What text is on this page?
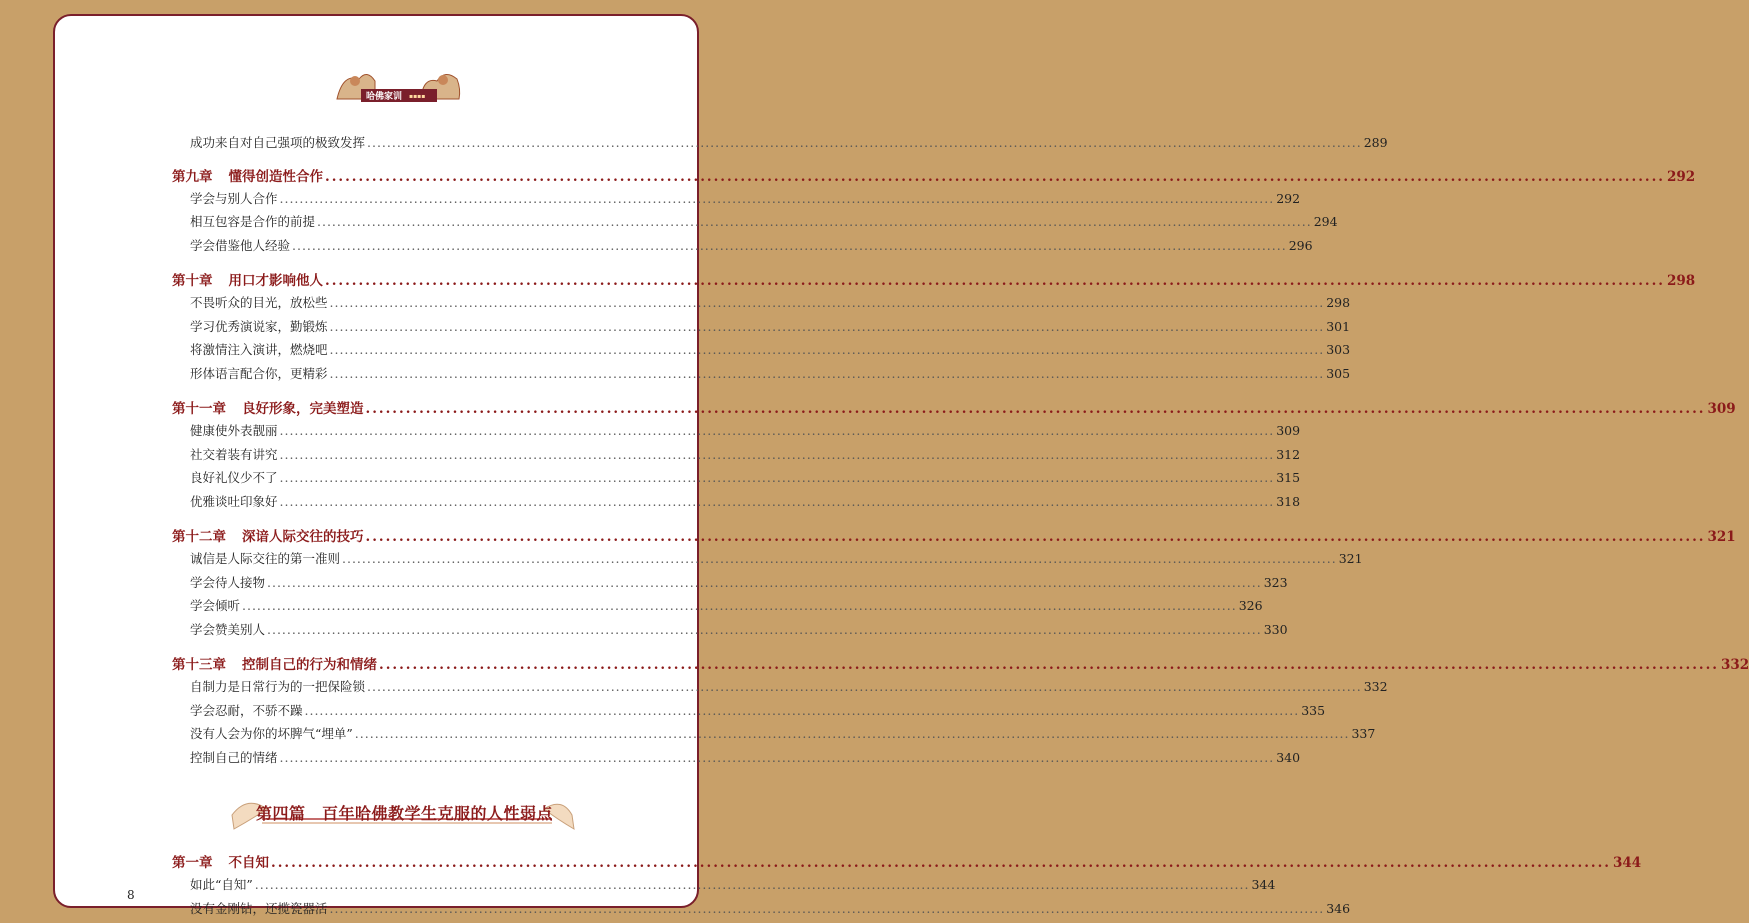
哈佛家训 ▪▪▪▪
成功来自对自己强项的极致发挥 ........................................................................................................................................................................................................ 289
第九章 懂得创造性合作 ........................................................................................................................................................................................................ 292
学会与别人合作 ........................................................................................................................................................................................................ 292
相互包容是合作的前提 ........................................................................................................................................................................................................ 294
学会借鉴他人经验 ........................................................................................................................................................................................................ 296
第十章 用口才影响他人 ........................................................................................................................................................................................................ 298
不畏听众的目光，放松些 ........................................................................................................................................................................................................ 298
学习优秀演说家，勤锻炼 ........................................................................................................................................................................................................ 301
将激情注入演讲，燃烧吧 ........................................................................................................................................................................................................ 303
形体语言配合你，更精彩 ........................................................................................................................................................................................................ 305
第十一章 良好形象，完美塑造 ........................................................................................................................................................................................................ 309
健康使外表靓丽 ........................................................................................................................................................................................................ 309
社交着装有讲究 ........................................................................................................................................................................................................ 312
良好礼仪少不了 ........................................................................................................................................................................................................ 315
优雅谈吐印象好 ........................................................................................................................................................................................................ 318
第十二章 深谙人际交往的技巧 ........................................................................................................................................................................................................ 321
诚信是人际交往的第一准则 ........................................................................................................................................................................................................ 321
学会待人接物 ........................................................................................................................................................................................................ 323
学会倾听 ........................................................................................................................................................................................................ 326
学会赞美别人 ........................................................................................................................................................................................................ 330
第十三章 控制自己的行为和情绪 ........................................................................................................................................................................................................ 332
自制力是日常行为的一把保险锁 ........................................................................................................................................................................................................ 332
学会忍耐，不骄不躁 ........................................................................................................................................................................................................ 335
没有人会为你的坏脾气“埋单” ........................................................................................................................................................................................................ 337
控制自己的情绪 ........................................................................................................................................................................................................ 340
第四篇　百年哈佛教学生克服的人性弱点
第一章 不自知 ........................................................................................................................................................................................................ 344
如此“自知” ........................................................................................................................................................................................................ 344
没有金刚钻，还揽瓷器活 ........................................................................................................................................................................................................ 346
8
